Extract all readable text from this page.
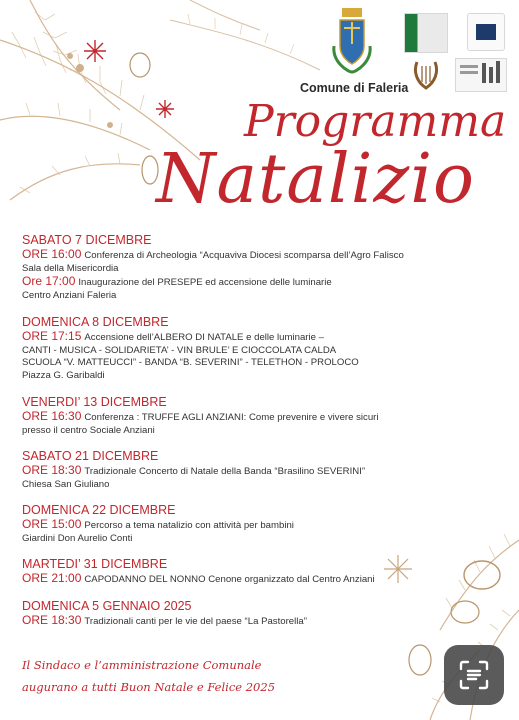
Comune di Faleria
Programma
Natalizio
SABATO 7 DICEMBRE
ORE 16:00 Conferenza di Archeologia “Acquaviva Diocesi scomparsa dell’Agro Falisco
Sala della Misericordia
Ore 17:00 Inaugurazione del PRESEPE ed accensione delle luminarie
Centro Anziani Faleria
DOMENICA 8 DICEMBRE
ORE 17:15 Accensione dell’ALBERO DI NATALE e delle luminarie –
CANTI - MUSICA - SOLIDARIETA’ - VIN BRULE’ E CIOCCOLATA CALDA
SCUOLA “V. MATTEUCCI” - BANDA “B. SEVERINI” - TELETHON - PROLOCO
Piazza G. Garibaldi
VENERDI’ 13 DICEMBRE
ORE 16:30 Conferenza : TRUFFE AGLI ANZIANI: Come prevenire e vivere sicuri
presso il centro Sociale Anziani
SABATO 21 DICEMBRE
ORE 18:30 Tradizionale Concerto di Natale della Banda “Brasilino SEVERINI”
Chiesa San Giuliano
DOMENICA 22 DICEMBRE
ORE 15:00 Percorso a tema natalizio con attività per bambini
Giardini Don Aurelio Conti
MARTEDI’ 31 DICEMBRE
ORE 21:00 CAPODANNO DEL NONNO Cenone organizzato dal Centro Anziani
DOMENICA 5 GENNAIO 2025
ORE 18:30 Tradizionali canti per le vie del paese “La Pastorella”
Il Sindaco e l’amministrazione Comunale
augurano a tutti Buon Natale e Felice 2025
